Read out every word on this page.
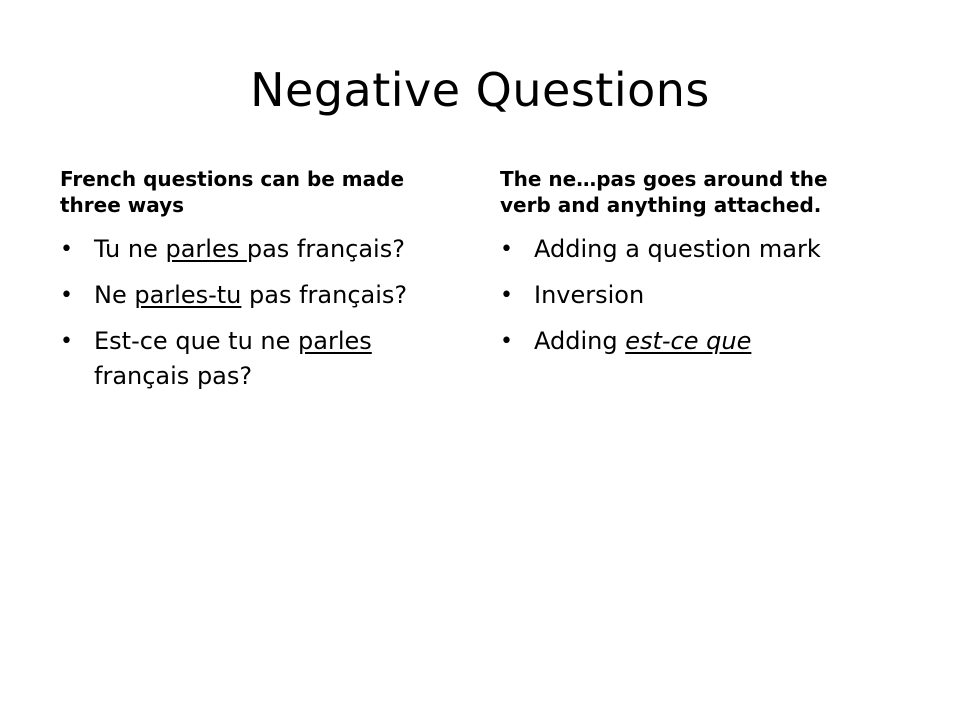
Negative Questions

French questions can be made
three ways

• Tu ne parles pas français?
• Ne parles-tu pas français?
• Est-ce que tu ne parles
français pas?

The ne…pas goes around the
verb and anything attached.

• Adding a question mark
• Inversion
• Adding est-ce que
